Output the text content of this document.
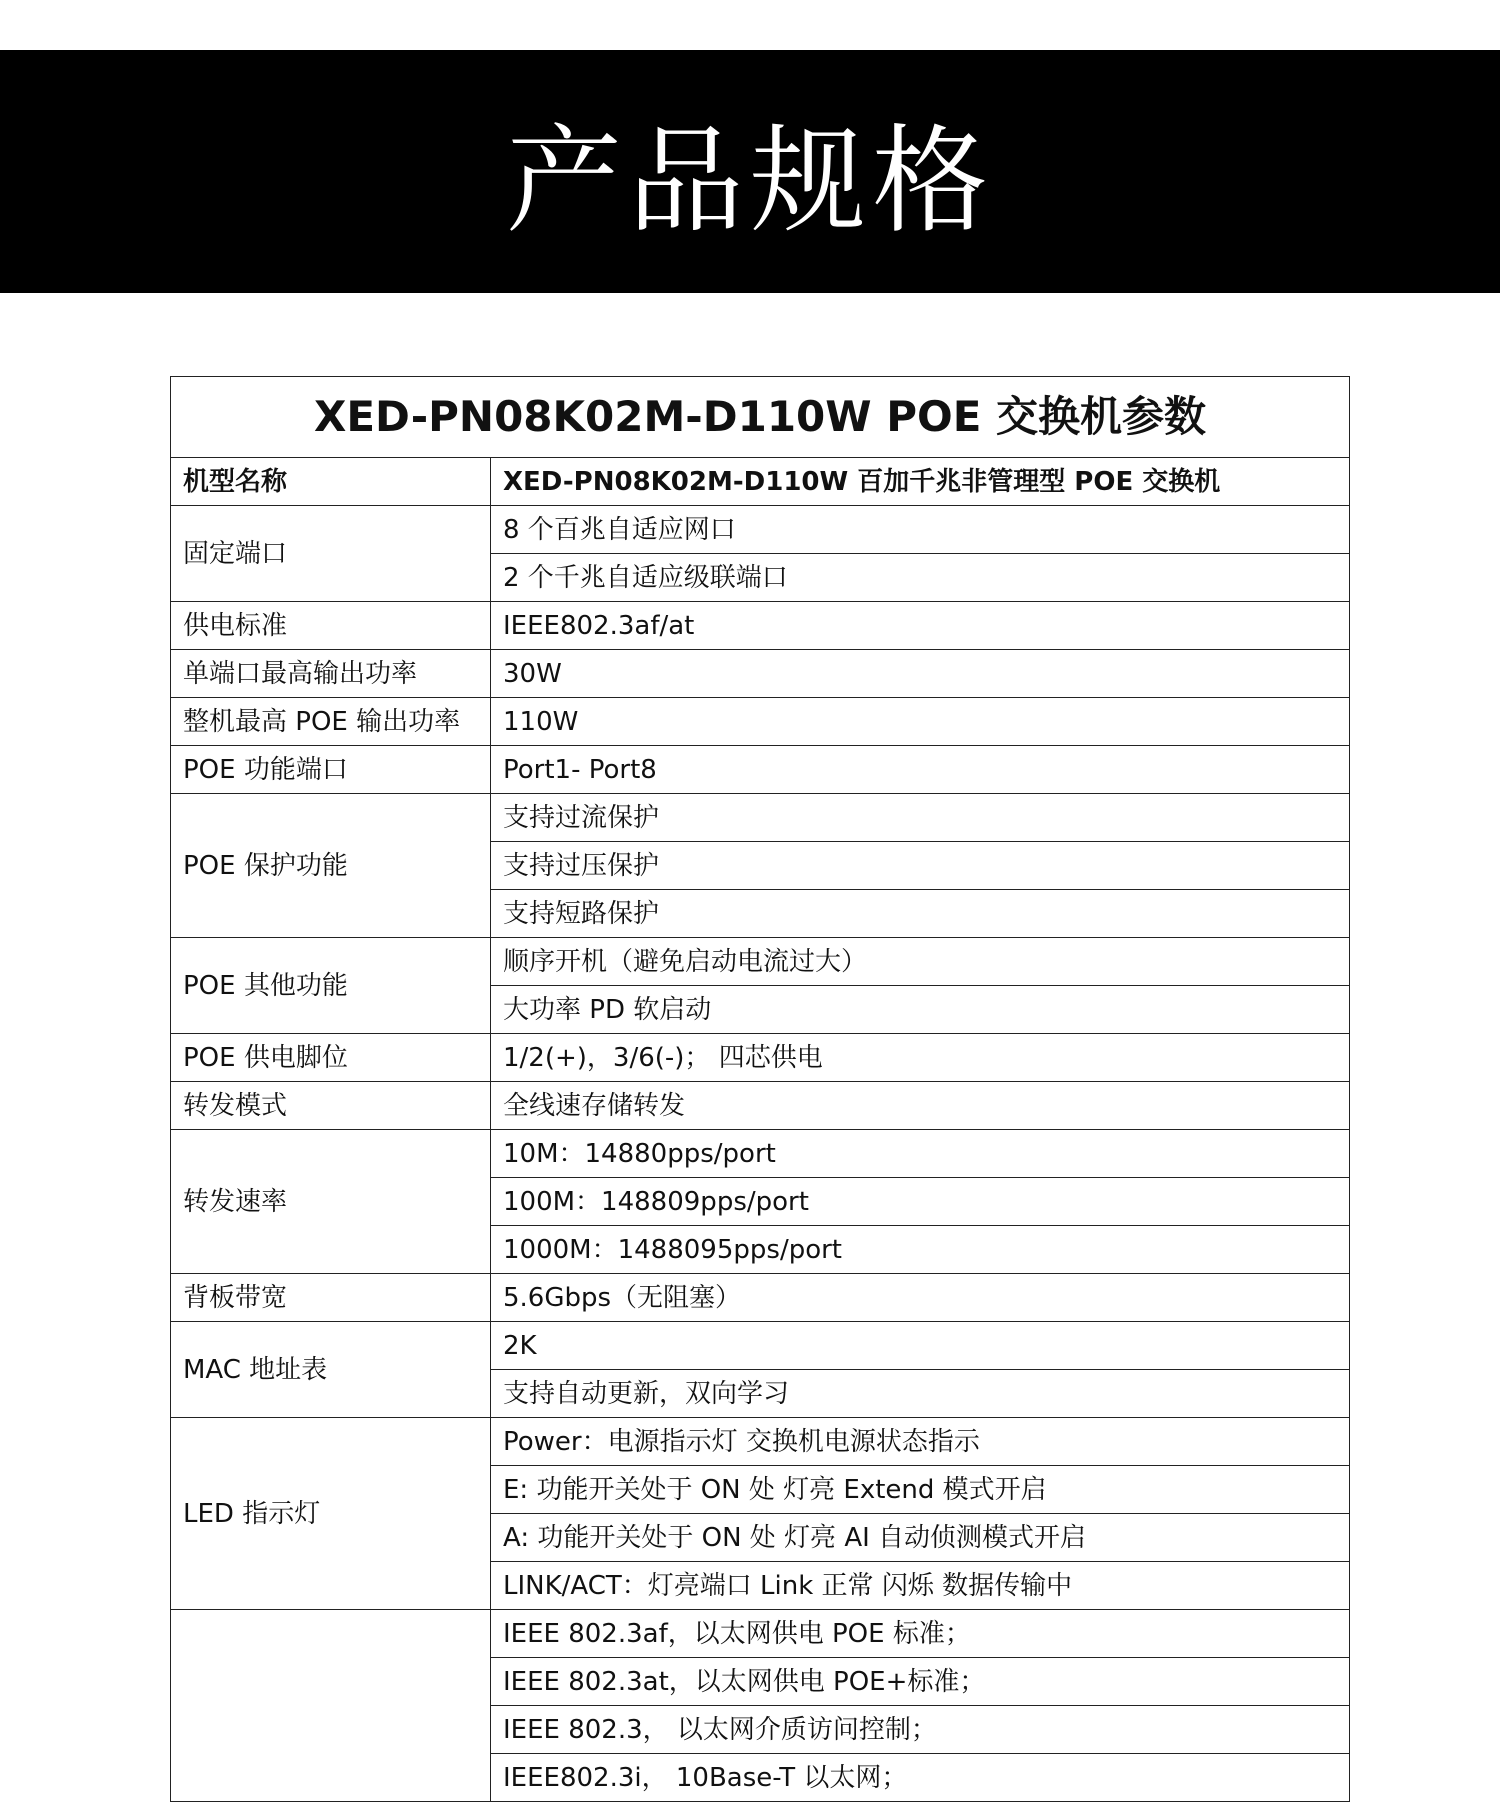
产品规格
XED-PN08K02M-D110W POE 交换机参数	
机型名称	XED-PN08K02M-D110W 百加千兆非管理型 POE 交换机
固定端口	8 个百兆自适应网口
	2 个千兆自适应级联端口
供电标准	IEEE802.3af/at
单端口最高输出功率	30W
整机最高 POE 输出功率	110W
POE 功能端口	Port1- Port8
POE 保护功能	支持过流保护
	支持过压保护
	支持短路保护
POE 其他功能	顺序开机（避免启动电流过大）
	大功率 PD 软启动
POE 供电脚位	1/2(+)，3/6(-)； 四芯供电
转发模式	全线速存储转发
转发速率	10M：14880pps/port
	100M：148809pps/port
	1000M：1488095pps/port
背板带宽	5.6Gbps（无阻塞）
MAC 地址表	2K
	支持自动更新，双向学习
LED 指示灯	Power：电源指示灯 交换机电源状态指示
	E: 功能开关处于 ON 处 灯亮 Extend 模式开启
	A: 功能开关处于 ON 处 灯亮 AI 自动侦测模式开启
	LINK/ACT：灯亮端口 Link 正常 闪烁 数据传输中
	IEEE 802.3af，以太网供电 POE 标准；
	IEEE 802.3at，以太网供电 POE+标准；
	IEEE 802.3， 以太网介质访问控制；
	IEEE802.3i， 10Base-T 以太网；
